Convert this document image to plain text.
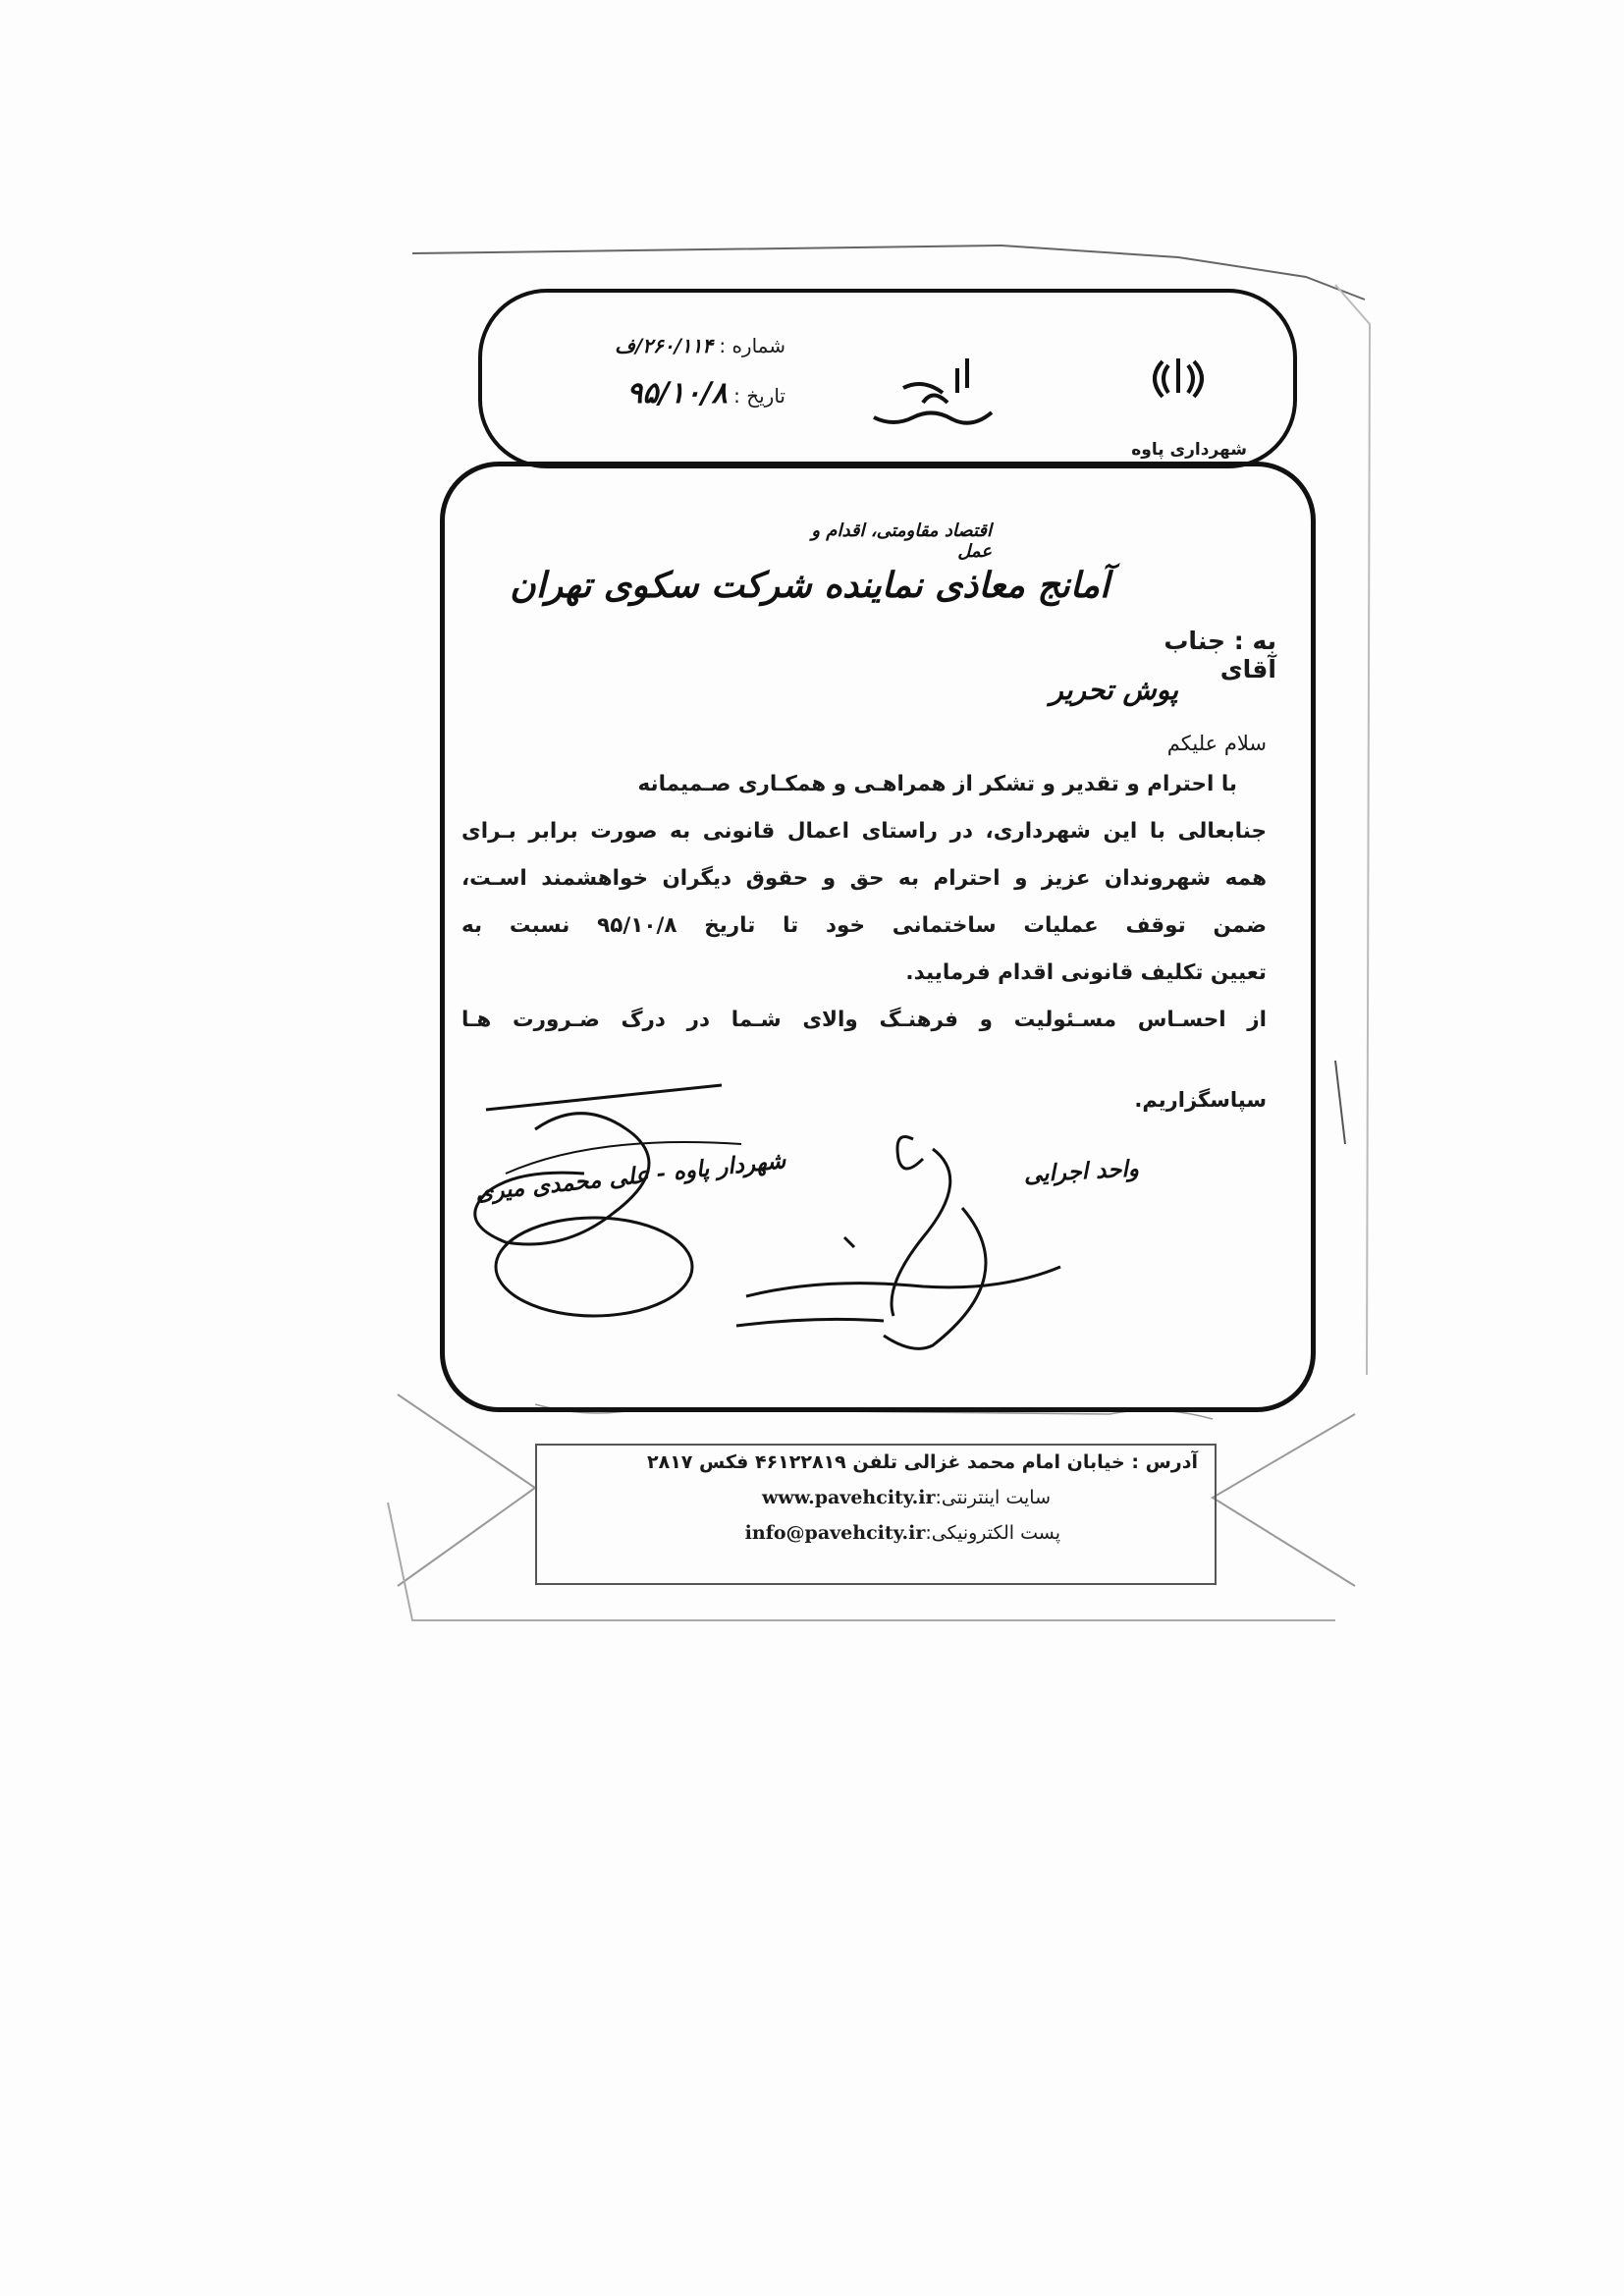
شهرداری پاوه
شماره : ۲۶۰/۱۱۴/ف
تاریخ : ۹۵/۱۰/۸
اقتصاد مقاومتی، اقدام و عمل
به : جناب آقای
آمانج معاذی نماینده شرکت سکوی تهران
پوش تحریر
سلام علیکم
با احترام و تقدیر و تشکر از همراهـی و همکـاری صـمیمانه
جنابعالی با این شهرداری، در راستای اعمال قانونی به صورت برابر بـرای
همه شهروندان عزیز و احترام به حق و حقوق دیگران خواهشمند اسـت،
ضمن توقف عملیات ساختمانی خود تا تاریخ ۹۵/۱۰/۸ نسبت به
تعیین تکلیف قانونی اقدام فرمایید.
از احسـاس مسـئولیت و فرهنـگ والای شـما در درگ ضـرورت هـا
سپاسگزاریم.
شهردار پاوه - علی محمدی میری	واحد اجرایی
آدرس : خیابان امام محمد غزالی تلفن ۴۶۱۲۲۸۱۹ فکس ۲۸۱۷
سایت اینترنتی:www.pavehcity.ir
پست الکترونیکی:info@pavehcity.ir
